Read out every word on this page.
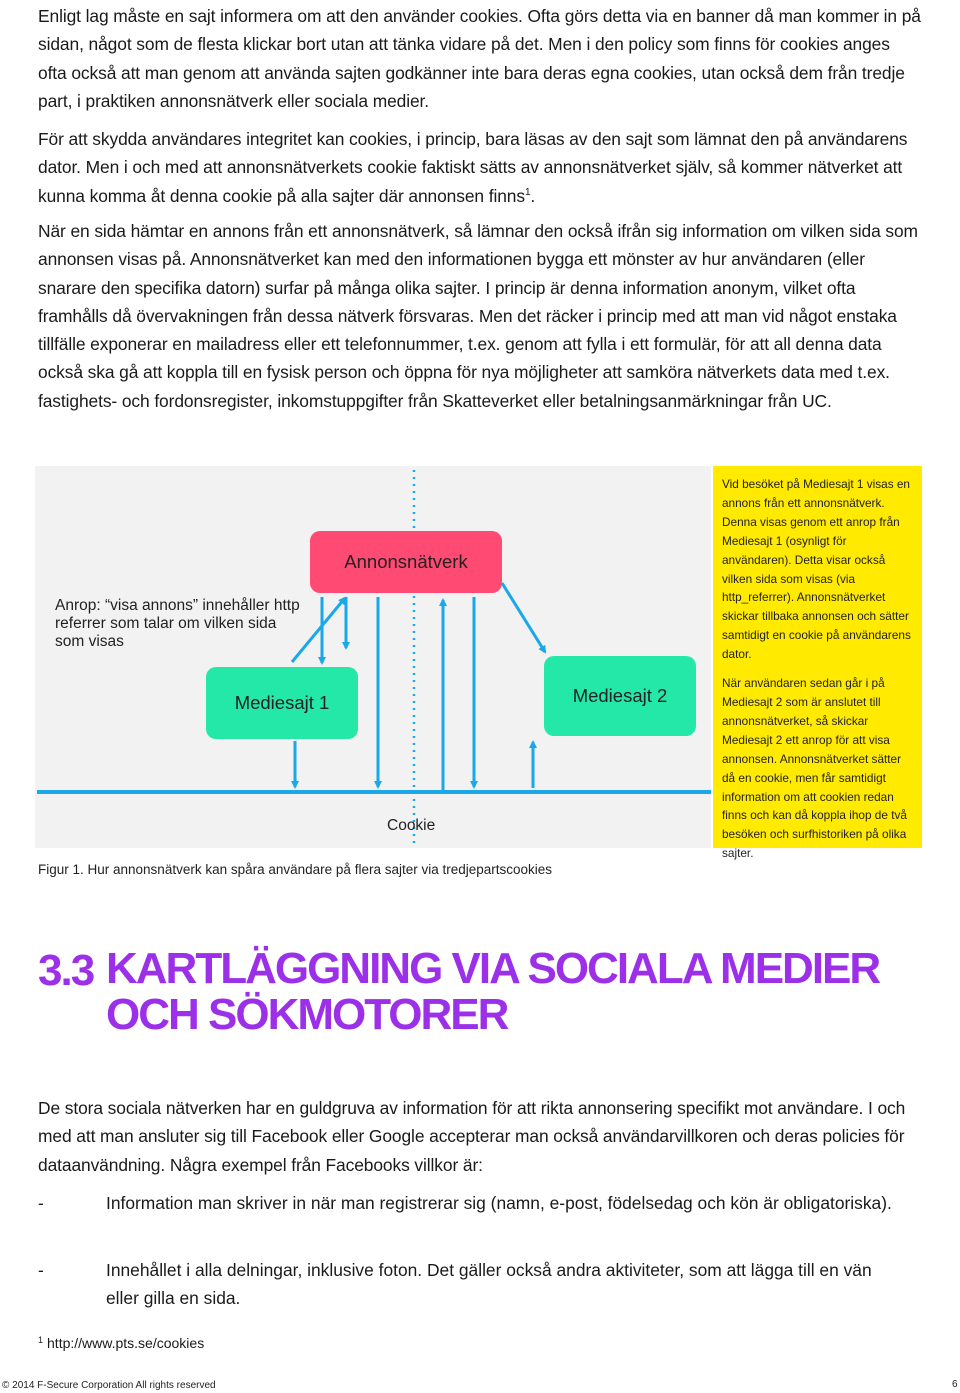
Enligt lag måste en sajt informera om att den använder cookies. Ofta görs detta via en banner då man kommer in på sidan, något som de flesta klickar bort utan att tänka vidare på det. Men i den policy som finns för cookies anges ofta också att man genom att använda sajten godkänner inte bara deras egna cookies, utan också dem från tredje part, i praktiken annonsnätverk eller sociala medier.

För att skydda användares integritet kan cookies, i princip, bara läsas av den sajt som lämnat den på användarens dator. Men i och med att annonsnätverkets cookie faktiskt sätts av annonsnätverket själv, så kommer nätverket att kunna komma åt denna cookie på alla sajter där annonsen finns$^1$.

När en sida hämtar en annons från ett annonsnätverk, så lämnar den också ifrån sig information om vilken sida som annonsen visas på. Annonsnätverket kan med den informationen bygga ett mönster av hur användaren (eller snarare den specifika datorn) surfar på många olika sajter. I princip är denna information anonym, vilket ofta framhålls då övervakningen från dessa nätverk försvaras. Men det räcker i princip med att man vid något enstaka tillfälle exponerar en mailadress eller ett telefonnummer, t.ex. genom att fylla i ett formulär, för att all denna data också ska gå att koppla till en fysisk person och öppna för nya möjligheter att samköra nätverkets data med t.ex. fastighets- och fordonsregister, inkomstuppgifter från Skatteverket eller betalningsanmärkningar från UC.

Annonsnätverk
Mediesajt 1	Mediesajt 2
Anrop: “visa annons” innehåller http referrer som talar om vilken sida som visas
Cookie

Vid besöket på Mediesajt 1 visas en annons från ett annonsnätverk. Denna visas genom ett anrop från Mediesajt 1 (osynligt för användaren). Detta visar också vilken sida som visas (via http_referrer). Annonsnätverket skickar tillbaka annonsen och sätter samtidigt en cookie på användarens dator.

När användaren sedan går i på Mediesajt 2 som är anslutet till annonsnätverket, så skickar Mediesajt 2 ett anrop för att visa annonsen. Annonsnätverket sätter då en cookie, men får samtidigt information om att cookien redan finns och kan då koppla ihop de två besöken och surfhistoriken på olika sajter.

Figur 1. Hur annonsnätverk kan spåra användare på flera sajter via tredjepartscookies
3.3 KARTLÄGGNING VIA SOCIALA MEDIER OCH SÖKMOTORER

De stora sociala nätverken har en guldgruva av information för att rikta annonsering specifikt mot användare. I och med att man ansluter sig till Facebook eller Google accepterar man också användarvillkoren och deras policies för dataanvändning. Några exempel från Facebooks villkor är:

-	Information man skriver in när man registrerar sig (namn, e-post, födelsedag och kön är obligatoriska).
-	Innehållet i alla delningar, inklusive foton. Det gäller också andra aktiviteter, som att lägga till en vän eller gilla en sida.
$^1$ http://www.pts.se/cookies
© 2014 F-Secure Corporation All rights reserved	6
